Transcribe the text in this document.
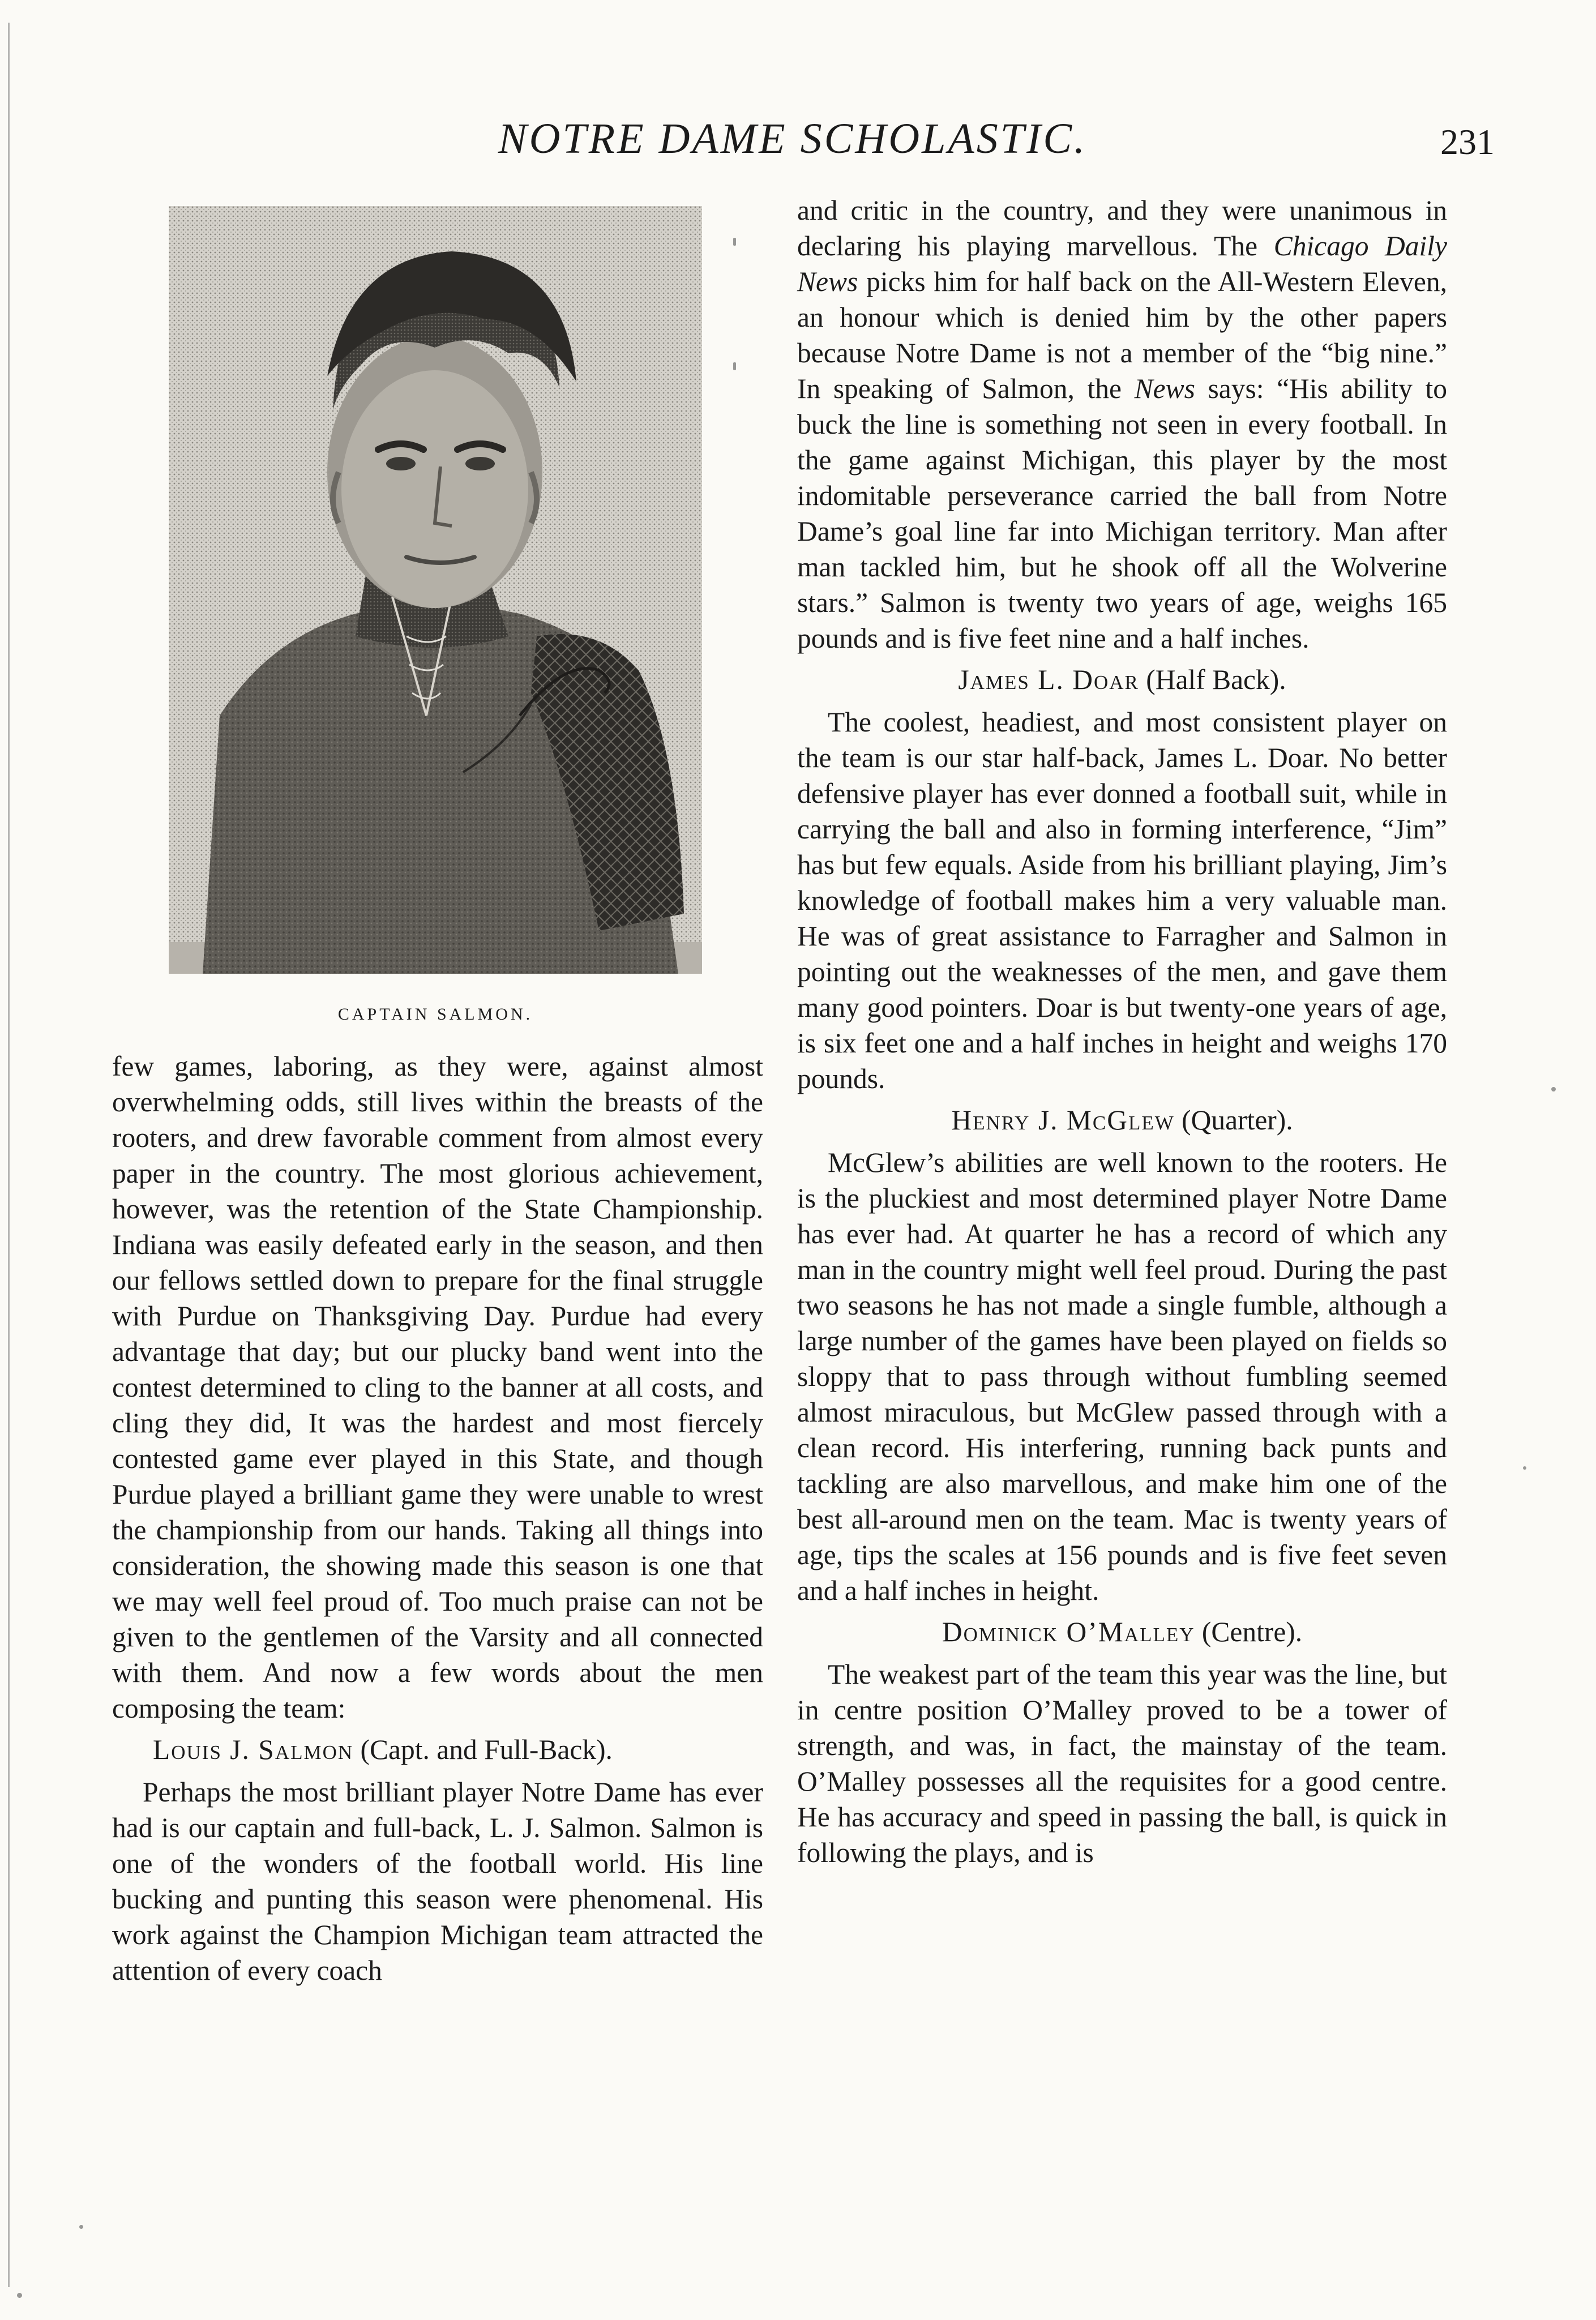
NOTRE DAME SCHOLASTIC.	231
CAPTAIN SALMON.

few games, laboring, as they were, against almost overwhelming odds, still lives within the breasts of the rooters, and drew favorable comment from almost every paper in the country. The most glorious achievement, however, was the retention of the State Championship. Indiana was easily defeated early in the season, and then our fellows settled down to prepare for the final struggle with Purdue on Thanksgiving Day. Purdue had every advantage that day; but our plucky band went into the contest determined to cling to the banner at all costs, and cling they did, It was the hardest and most fiercely contested game ever played in this State, and though Purdue played a brilliant game they were unable to wrest the championship from our hands. Taking all things into consideration, the showing made this season is one that we may well feel proud of. Too much praise can not be given to the gentlemen of the Varsity and all connected with them. And now a few words about the men composing the team:

Louis J. Salmon (Capt. and Full-Back).

Perhaps the most brilliant player Notre Dame has ever had is our captain and full-back, L. J. Salmon. Salmon is one of the wonders of the football world. His line bucking and punting this season were phenomenal. His work against the Champion Michigan team attracted the attention of every coach

and critic in the country, and they were unanimous in declaring his playing marvellous. The Chicago Daily News picks him for half back on the All-Western Eleven, an honour which is denied him by the other papers because Notre Dame is not a member of the “big nine.” In speaking of Salmon, the News says: “His ability to buck the line is something not seen in every football. In the game against Michigan, this player by the most indomitable perseverance carried the ball from Notre Dame’s goal line far into Michigan territory. Man after man tackled him, but he shook off all the Wolverine stars.” Salmon is twenty two years of age, weighs 165 pounds and is five feet nine and a half inches.

James L. Doar (Half Back).

The coolest, headiest, and most consistent player on the team is our star half-back, James L. Doar. No better defensive player has ever donned a football suit, while in carrying the ball and also in forming interference, “Jim” has but few equals. Aside from his brilliant playing, Jim’s knowledge of football makes him a very valuable man. He was of great assistance to Farragher and Salmon in pointing out the weaknesses of the men, and gave them many good pointers. Doar is but twenty-one years of age, is six feet one and a half inches in height and weighs 170 pounds.

Henry J. McGlew (Quarter).

McGlew’s abilities are well known to the rooters. He is the pluckiest and most determined player Notre Dame has ever had. At quarter he has a record of which any man in the country might well feel proud. During the past two seasons he has not made a single fumble, although a large number of the games have been played on fields so sloppy that to pass through without fumbling seemed almost miraculous, but McGlew passed through with a clean record. His interfering, running back punts and tackling are also marvellous, and make him one of the best all-around men on the team. Mac is twenty years of age, tips the scales at 156 pounds and is five feet seven and a half inches in height.

Dominick O’Malley (Centre).

The weakest part of the team this year was the line, but in centre position O’Malley proved to be a tower of strength, and was, in fact, the mainstay of the team. O’Malley possesses all the requisites for a good centre. He has accuracy and speed in passing the ball, is quick in following the plays, and is
